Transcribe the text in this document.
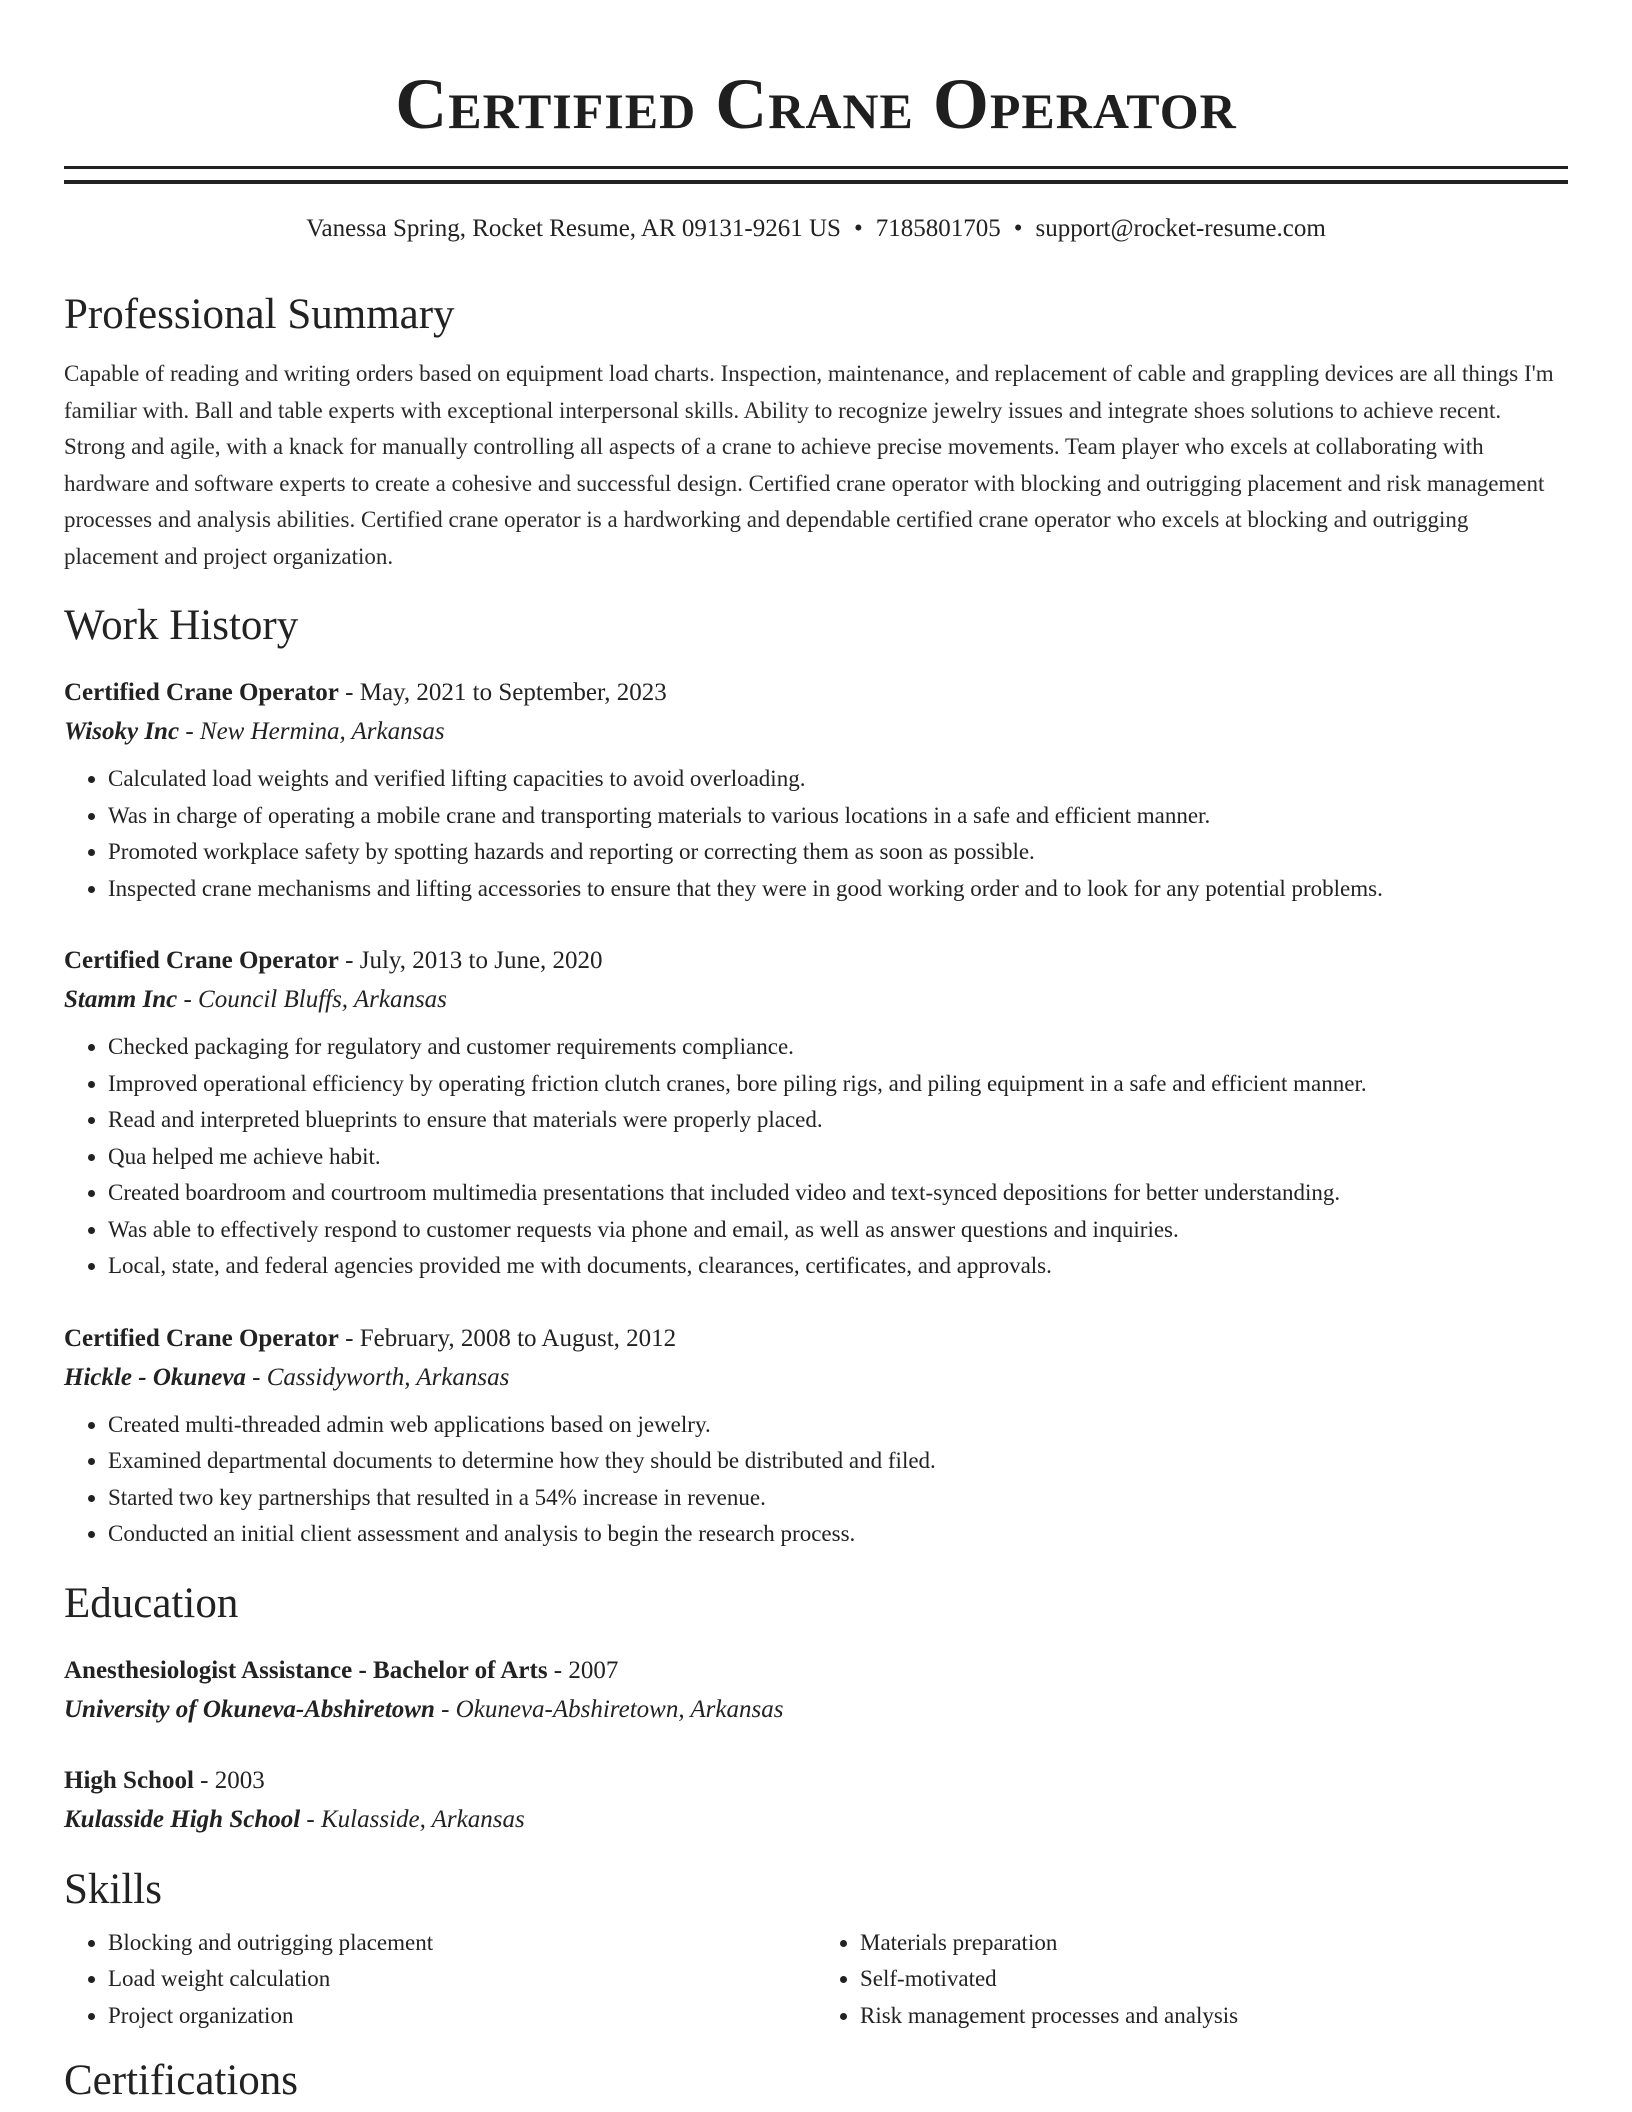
Certified Crane Operator
Vanessa Spring, Rocket Resume, AR 09131-9261 US • 7185801705 • support@rocket-resume.com
Professional Summary

Capable of reading and writing orders based on equipment load charts. Inspection, maintenance, and replacement of cable and grappling devices are all things I'm familiar with. Ball and table experts with exceptional interpersonal skills. Ability to recognize jewelry issues and integrate shoes solutions to achieve recent. Strong and agile, with a knack for manually controlling all aspects of a crane to achieve precise movements. Team player who excels at collaborating with hardware and software experts to create a cohesive and successful design. Certified crane operator with blocking and outrigging placement and risk management processes and analysis abilities. Certified crane operator is a hardworking and dependable certified crane operator who excels at blocking and outrigging placement and project organization.

Work History
Certified Crane Operator - May, 2021 to September, 2023
Wisoky Inc - New Hermina, Arkansas
• Calculated load weights and verified lifting capacities to avoid overloading.
• Was in charge of operating a mobile crane and transporting materials to various locations in a safe and efficient manner.
• Promoted workplace safety by spotting hazards and reporting or correcting them as soon as possible.
• Inspected crane mechanisms and lifting accessories to ensure that they were in good working order and to look for any potential problems.
Certified Crane Operator - July, 2013 to June, 2020
Stamm Inc - Council Bluffs, Arkansas
• Checked packaging for regulatory and customer requirements compliance.
• Improved operational efficiency by operating friction clutch cranes, bore piling rigs, and piling equipment in a safe and efficient manner.
• Read and interpreted blueprints to ensure that materials were properly placed.
• Qua helped me achieve habit.
• Created boardroom and courtroom multimedia presentations that included video and text-synced depositions for better understanding.
• Was able to effectively respond to customer requests via phone and email, as well as answer questions and inquiries.
• Local, state, and federal agencies provided me with documents, clearances, certificates, and approvals.
Certified Crane Operator - February, 2008 to August, 2012
Hickle - Okuneva - Cassidyworth, Arkansas
• Created multi-threaded admin web applications based on jewelry.
• Examined departmental documents to determine how they should be distributed and filed.
• Started two key partnerships that resulted in a 54% increase in revenue.
• Conducted an initial client assessment and analysis to begin the research process.
Education
Anesthesiologist Assistance - Bachelor of Arts - 2007
University of Okuneva-Abshiretown - Okuneva-Abshiretown, Arkansas
High School - 2003
Kulasside High School - Kulasside, Arkansas
Skills
• Blocking and outrigging placement
• Load weight calculation
• Project organization
• Materials preparation
• Self-motivated
• Risk management processes and analysis
Certifications
